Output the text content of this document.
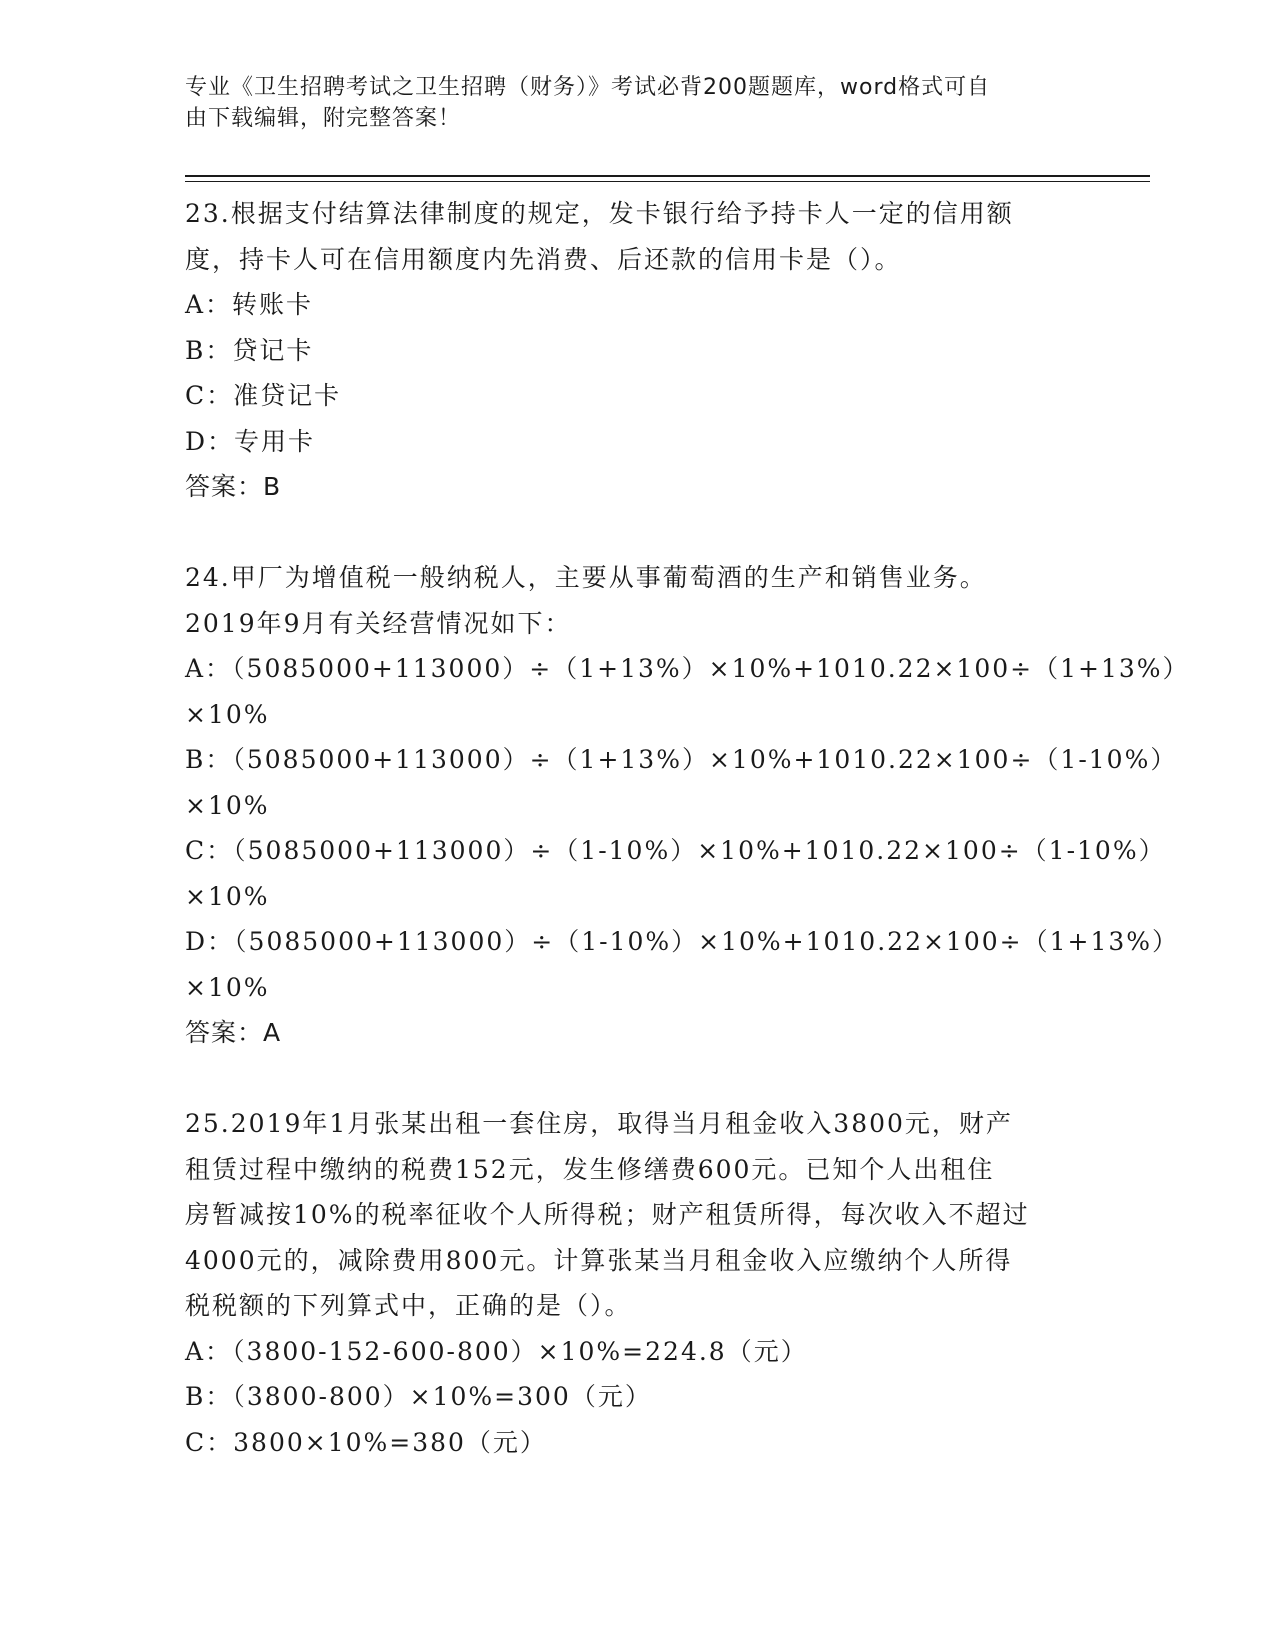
专业《卫生招聘考试之卫生招聘（财务）》考试必背200题题库，word格式可自
由下载编辑，附完整答案！
23.根据支付结算法律制度的规定，发卡银行给予持卡人一定的信用额
度，持卡人可在信用额度内先消费、后还款的信用卡是（）。
A：转账卡
B：贷记卡
C：准贷记卡
D：专用卡
答案：B
24.甲厂为增值税一般纳税人，主要从事葡萄酒的生产和销售业务。
2019年9月有关经营情况如下：
A：（5085000+113000）÷（1+13%）×10%+1010.22×100÷（1+13%）
×10%
B：（5085000+113000）÷（1+13%）×10%+1010.22×100÷（1-10%）
×10%
C：（5085000+113000）÷（1-10%）×10%+1010.22×100÷（1-10%）
×10%
D：（5085000+113000）÷（1-10%）×10%+1010.22×100÷（1+13%）
×10%
答案：A
25.2019年1月张某出租一套住房，取得当月租金收入3800元，财产
租赁过程中缴纳的税费152元，发生修缮费600元。已知个人出租住
房暂减按10%的税率征收个人所得税；财产租赁所得，每次收入不超过
4000元的，减除费用800元。计算张某当月租金收入应缴纳个人所得
税税额的下列算式中，正确的是（）。
A：（3800-152-600-800）×10%=224.8（元）
B：（3800-800）×10%=300（元）
C：3800×10%=380（元）
